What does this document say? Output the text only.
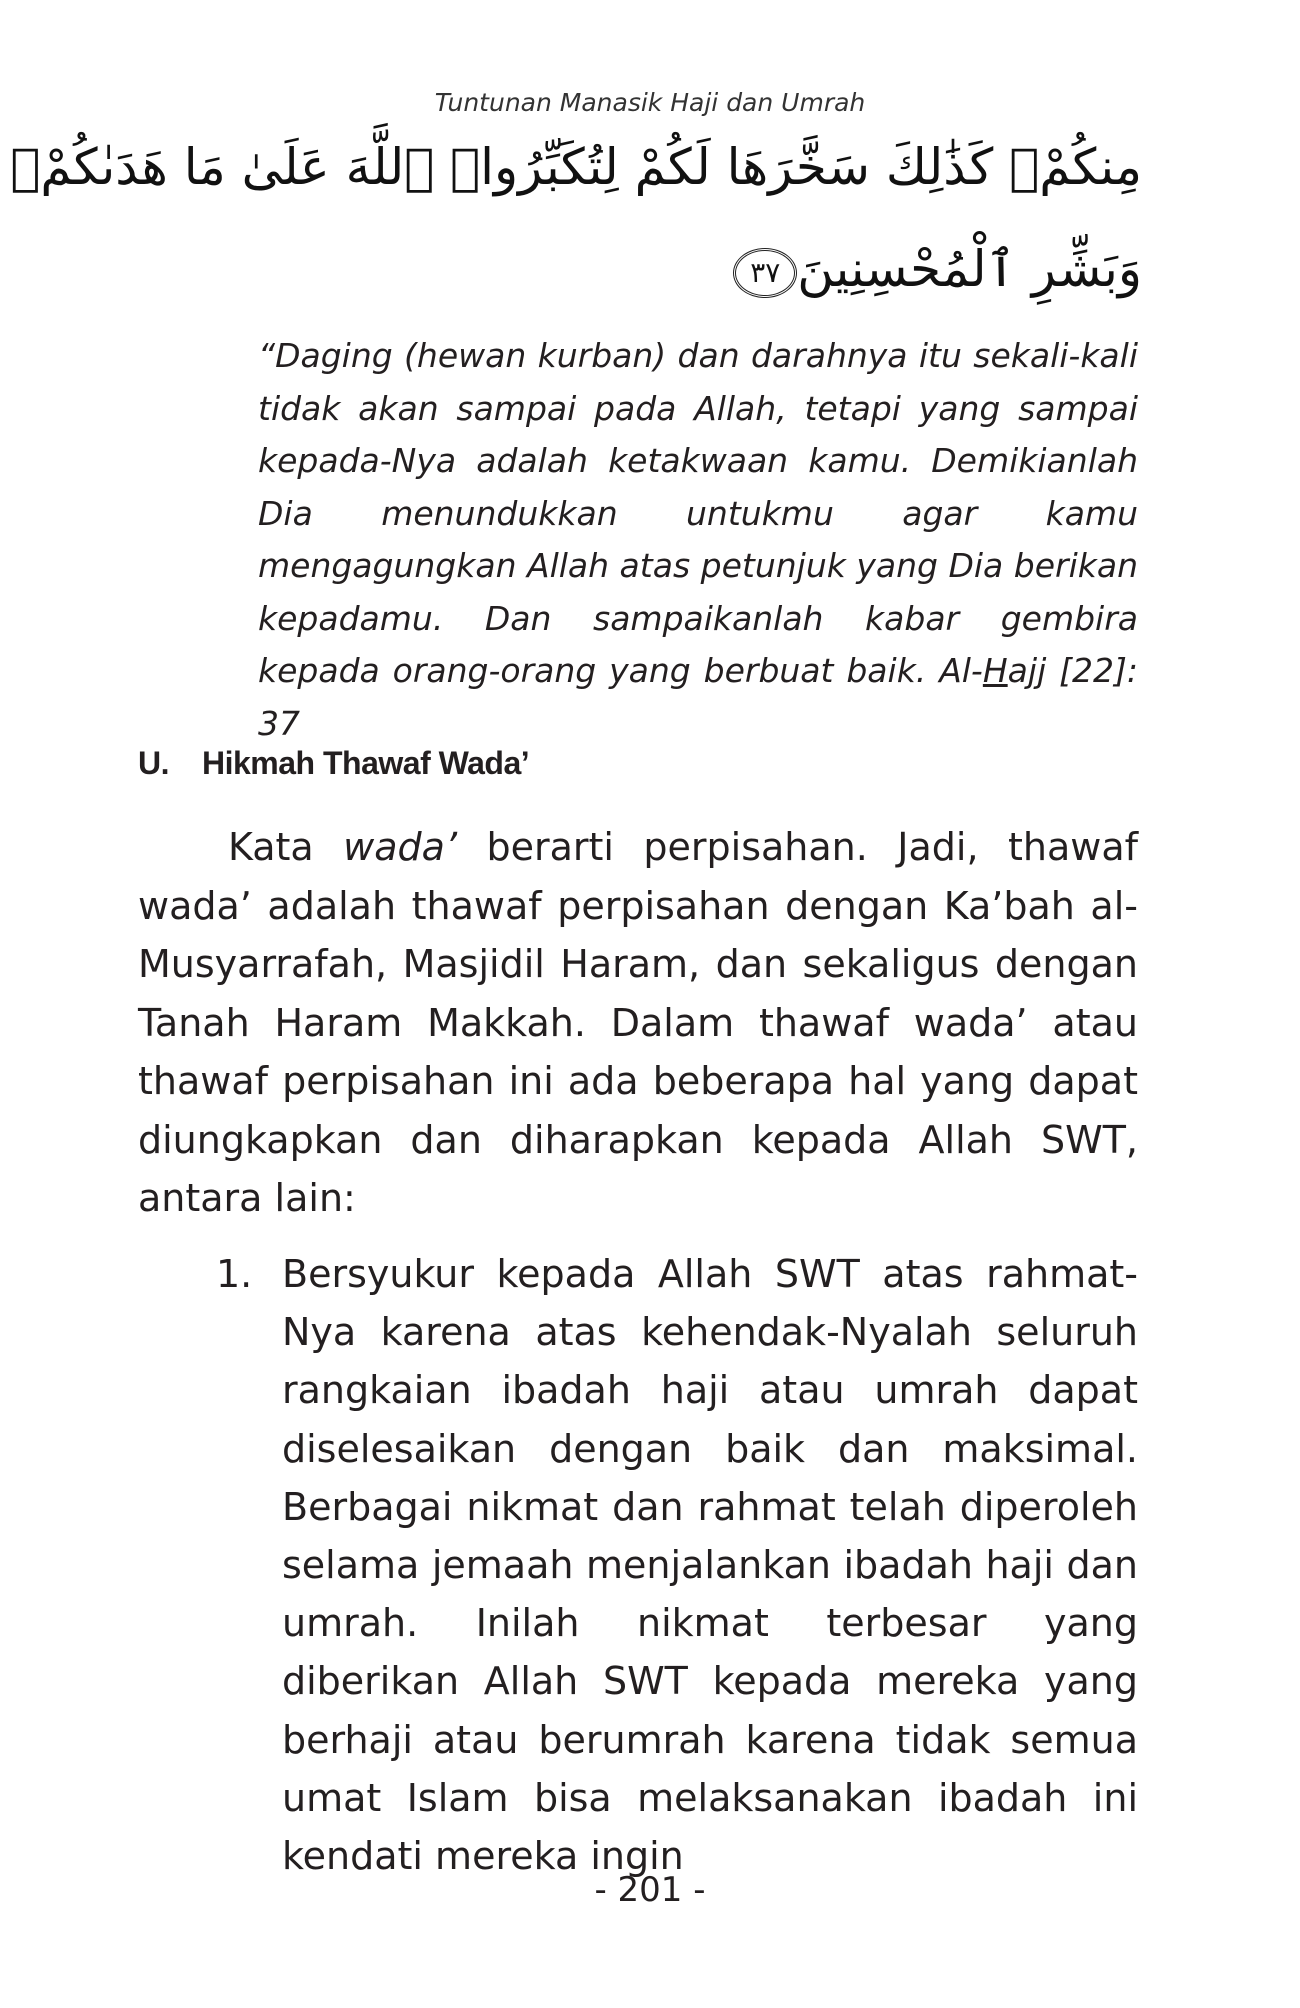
Tuntunan Manasik Haji dan Umrah
مِنكُمْۚ كَذَٰلِكَ سَخَّرَهَا لَكُمْ لِتُكَبِّرُوا۟ ٱللَّهَ عَلَىٰ مَا هَدَىٰكُمْۗ
وَبَشِّرِ ٱلْمُحْسِنِينَ٣٧

“Daging (hewan kurban) dan darahnya itu sekali-kali tidak akan sampai pada Allah, tetapi yang sampai kepada-Nya adalah ketakwaan kamu. Demikianlah Dia menundukkan untukmu agar kamu mengagungkan Allah atas petunjuk yang Dia berikan kepadamu. Dan sampaikanlah kabar gembira kepada orang-orang yang berbuat baik. Al-Hajj [22]: 37

U. Hikmah Thawaf Wada’

Kata wada’ berarti perpisahan. Jadi, thawaf wada’ adalah thawaf perpisahan dengan Ka’bah al-Musyarrafah, Masjidil Haram, dan sekaligus dengan Tanah Haram Makkah. Dalam thawaf wada’ atau thawaf perpisahan ini ada beberapa hal yang dapat diungkapkan dan diharapkan kepada Allah SWT, antara lain:

1. Bersyukur kepada Allah SWT atas rahmat-Nya karena atas kehendak-Nyalah seluruh rangkaian ibadah haji atau umrah dapat diselesaikan dengan baik dan maksimal. Berbagai nikmat dan rahmat telah diperoleh selama jemaah menjalankan ibadah haji dan umrah. Inilah nikmat terbesar yang diberikan Allah SWT kepada mereka yang berhaji atau berumrah karena tidak semua umat Islam bisa melaksanakan ibadah ini kendati mereka ingin
- 201 -
